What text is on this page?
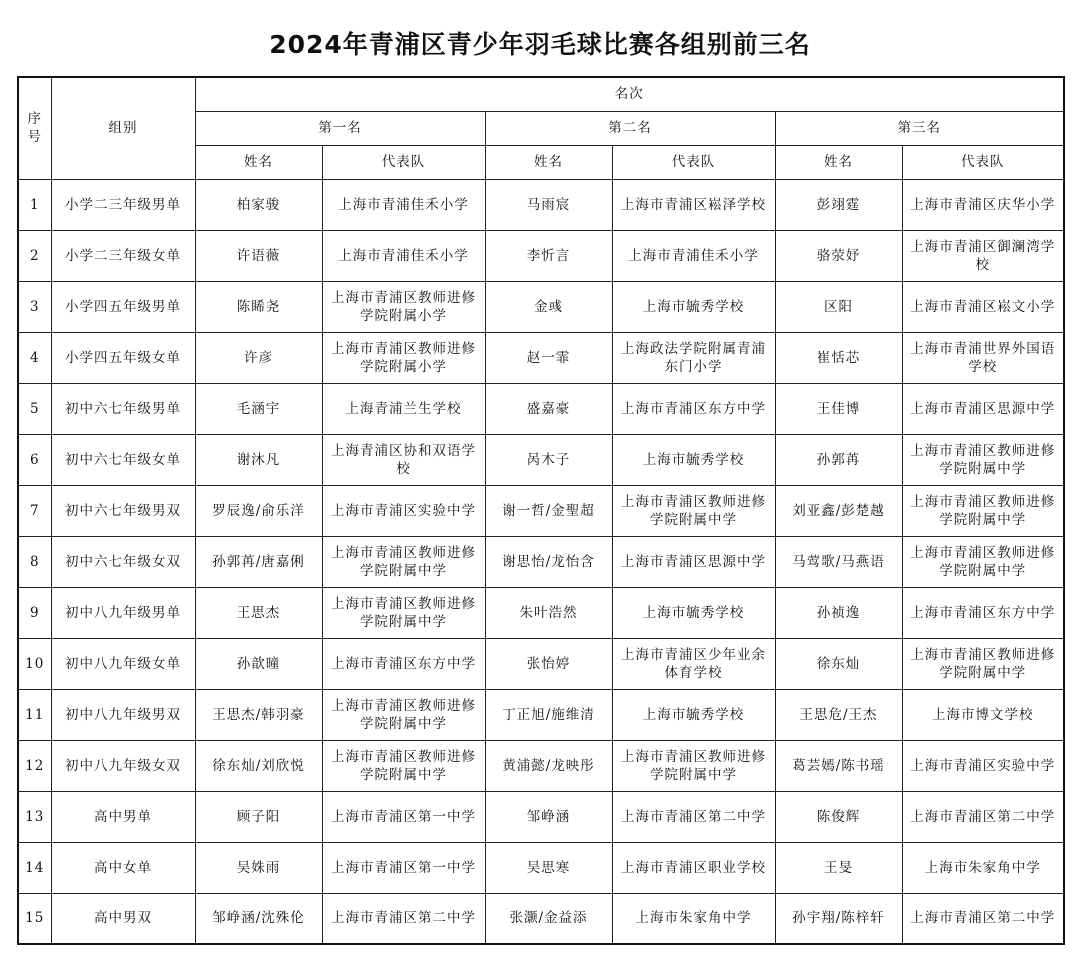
2024年青浦区青少年羽毛球比赛各组别前三名
序号	组别	名次					
		第一名		第二名		第三名	
		姓名	代表队	姓名	代表队	姓名	代表队
1	小学二三年级男单	柏家骏	上海市青浦佳禾小学	马雨宸	上海市青浦区崧泽学校	彭翊霆	上海市青浦区庆华小学
2	小学二三年级女单	许语薇	上海市青浦佳禾小学	李忻言	上海市青浦佳禾小学	骆荥妤	上海市青浦区御澜湾学校
3	小学四五年级男单	陈睎尧	上海市青浦区教师进修学院附属小学	金彧	上海市毓秀学校	区阳	上海市青浦区崧文小学
4	小学四五年级女单	许彦	上海市青浦区教师进修学院附属小学	赵一霏	上海政法学院附属青浦东门小学	崔恬芯	上海市青浦世界外国语学校
5	初中六七年级男单	毛涵宇	上海青浦兰生学校	盛嘉豪	上海市青浦区东方中学	王佳博	上海市青浦区思源中学
6	初中六七年级女单	谢沐凡	上海青浦区协和双语学校	呙木子	上海市毓秀学校	孙郭苒	上海市青浦区教师进修学院附属中学
7	初中六七年级男双	罗辰逸/俞乐洋	上海市青浦区实验中学	谢一哲/金聖超	上海市青浦区教师进修学院附属中学	刘亚鑫/彭楚越	上海市青浦区教师进修学院附属中学
8	初中六七年级女双	孙郭苒/唐嘉俐	上海市青浦区教师进修学院附属中学	谢思怡/龙怡含	上海市青浦区思源中学	马莺歌/马燕语	上海市青浦区教师进修学院附属中学
9	初中八九年级男单	王思杰	上海市青浦区教师进修学院附属中学	朱叶浩然	上海市毓秀学校	孙祯逸	上海市青浦区东方中学
10	初中八九年级女单	孙歆曈	上海市青浦区东方中学	张怡婷	上海市青浦区少年业余体育学校	徐东灿	上海市青浦区教师进修学院附属中学
11	初中八九年级男双	王思杰/韩羽豪	上海市青浦区教师进修学院附属中学	丁正旭/施维清	上海市毓秀学校	王思危/王杰	上海市博文学校
12	初中八九年级女双	徐东灿/刘欣悦	上海市青浦区教师进修学院附属中学	黄浦懿/龙映彤	上海市青浦区教师进修学院附属中学	葛芸嫣/陈书瑶	上海市青浦区实验中学
13	高中男单	顾子阳	上海市青浦区第一中学	邹峥涵	上海市青浦区第二中学	陈俊辉	上海市青浦区第二中学
14	高中女单	吴姝雨	上海市青浦区第一中学	吴思寒	上海市青浦区职业学校	王旻	上海市朱家角中学
15	高中男双	邹峥涵/沈殊伦	上海市青浦区第二中学	张灏/金益添	上海市朱家角中学	孙宇翔/陈梓轩	上海市青浦区第二中学
